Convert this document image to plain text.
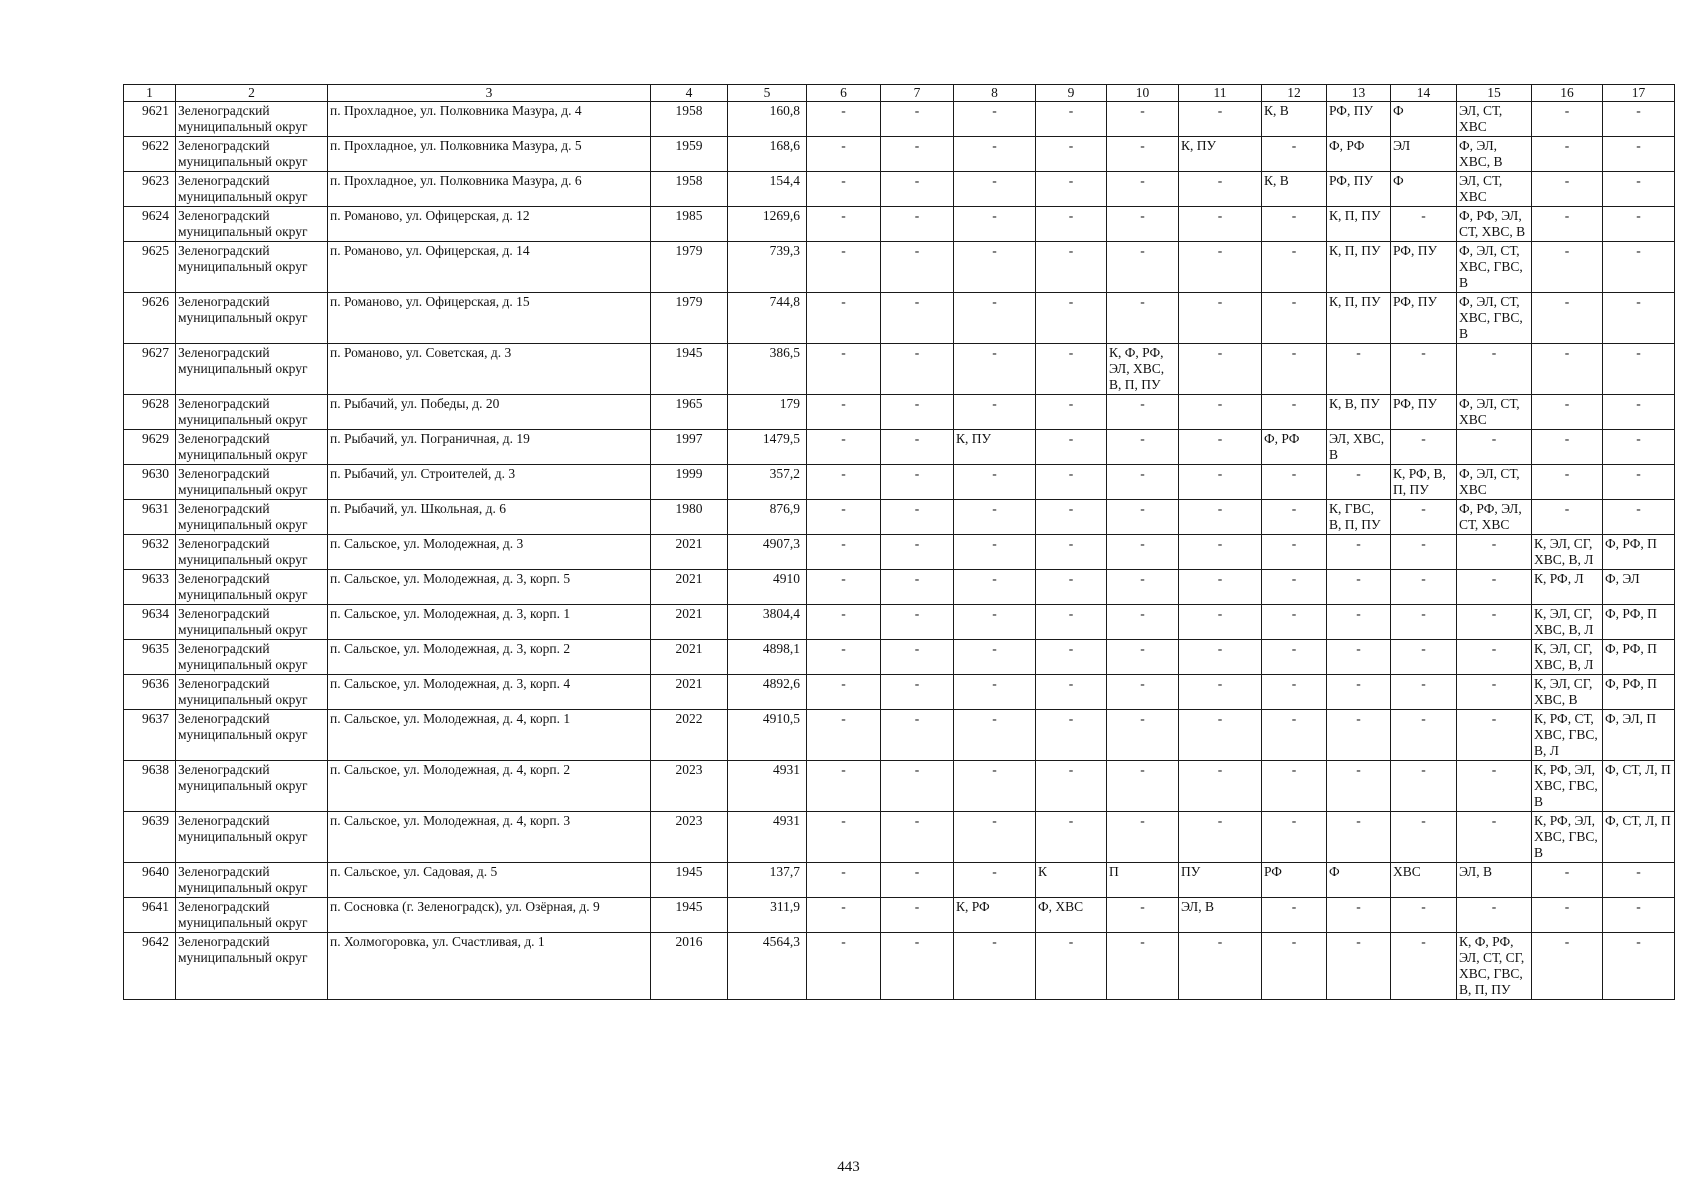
1	2	3	4	5	6	7	8	9	10	11	12	13	14	15	16	17
9621	Зеленоградский муниципальный округ	п. Прохладное, ул. Полковника Мазура, д. 4	1958	160,8	-	-	-	-	-	-	К, В	РФ, ПУ	Ф	ЭЛ, СТ, ХВС	-	-
9622	Зеленоградский муниципальный округ	п. Прохладное, ул. Полковника Мазура, д. 5	1959	168,6	-	-	-	-	-	К, ПУ	-	Ф, РФ	ЭЛ	Ф, ЭЛ, ХВС, В	-	-
9623	Зеленоградский муниципальный округ	п. Прохладное, ул. Полковника Мазура, д. 6	1958	154,4	-	-	-	-	-	-	К, В	РФ, ПУ	Ф	ЭЛ, СТ, ХВС	-	-
9624	Зеленоградский муниципальный округ	п. Романово, ул. Офицерская, д. 12	1985	1269,6	-	-	-	-	-	-	-	К, П, ПУ	-	Ф, РФ, ЭЛ, СТ, ХВС, В	-	-
9625	Зеленоградский муниципальный округ	п. Романово, ул. Офицерская, д. 14	1979	739,3	-	-	-	-	-	-	-	К, П, ПУ	РФ, ПУ	Ф, ЭЛ, СТ, ХВС, ГВС, В	-	-
9626	Зеленоградский муниципальный округ	п. Романово, ул. Офицерская, д. 15	1979	744,8	-	-	-	-	-	-	-	К, П, ПУ	РФ, ПУ	Ф, ЭЛ, СТ, ХВС, ГВС, В	-	-
9627	Зеленоградский муниципальный округ	п. Романово, ул. Советская, д. 3	1945	386,5	-	-	-	-	К, Ф, РФ, ЭЛ, ХВС, В, П, ПУ	-	-	-	-	-	-	-
9628	Зеленоградский муниципальный округ	п. Рыбачий, ул. Победы, д. 20	1965	179	-	-	-	-	-	-	-	К, В, ПУ	РФ, ПУ	Ф, ЭЛ, СТ, ХВС	-	-
9629	Зеленоградский муниципальный округ	п. Рыбачий, ул. Пограничная, д. 19	1997	1479,5	-	-	К, ПУ	-	-	-	Ф, РФ	ЭЛ, ХВС, В	-	-	-	-
9630	Зеленоградский муниципальный округ	п. Рыбачий, ул. Строителей, д. 3	1999	357,2	-	-	-	-	-	-	-	-	К, РФ, В, П, ПУ	Ф, ЭЛ, СТ, ХВС	-	-
9631	Зеленоградский муниципальный округ	п. Рыбачий, ул. Школьная, д. 6	1980	876,9	-	-	-	-	-	-	-	К, ГВС, В, П, ПУ	-	Ф, РФ, ЭЛ, СТ, ХВС	-	-
9632	Зеленоградский муниципальный округ	п. Сальское, ул. Молодежная, д. 3	2021	4907,3	-	-	-	-	-	-	-	-	-	-	К, ЭЛ, СГ, ХВС, В, Л	Ф, РФ, П
9633	Зеленоградский муниципальный округ	п. Сальское, ул. Молодежная, д. 3, корп. 5	2021	4910	-	-	-	-	-	-	-	-	-	-	К, РФ, Л	Ф, ЭЛ
9634	Зеленоградский муниципальный округ	п. Сальское, ул. Молодежная, д. 3, корп. 1	2021	3804,4	-	-	-	-	-	-	-	-	-	-	К, ЭЛ, СГ, ХВС, В, Л	Ф, РФ, П
9635	Зеленоградский муниципальный округ	п. Сальское, ул. Молодежная, д. 3, корп. 2	2021	4898,1	-	-	-	-	-	-	-	-	-	-	К, ЭЛ, СГ, ХВС, В, Л	Ф, РФ, П
9636	Зеленоградский муниципальный округ	п. Сальское, ул. Молодежная, д. 3, корп. 4	2021	4892,6	-	-	-	-	-	-	-	-	-	-	К, ЭЛ, СГ, ХВС, В	Ф, РФ, П
9637	Зеленоградский муниципальный округ	п. Сальское, ул. Молодежная, д. 4, корп. 1	2022	4910,5	-	-	-	-	-	-	-	-	-	-	К, РФ, СТ, ХВС, ГВС, В, Л	Ф, ЭЛ, П
9638	Зеленоградский муниципальный округ	п. Сальское, ул. Молодежная, д. 4, корп. 2	2023	4931	-	-	-	-	-	-	-	-	-	-	К, РФ, ЭЛ, ХВС, ГВС, В	Ф, СТ, Л, П
9639	Зеленоградский муниципальный округ	п. Сальское, ул. Молодежная, д. 4, корп. 3	2023	4931	-	-	-	-	-	-	-	-	-	-	К, РФ, ЭЛ, ХВС, ГВС, В	Ф, СТ, Л, П
9640	Зеленоградский муниципальный округ	п. Сальское, ул. Садовая, д. 5	1945	137,7	-	-	-	К	П	ПУ	РФ	Ф	ХВС	ЭЛ, В	-	-
9641	Зеленоградский муниципальный округ	п. Сосновка (г. Зеленоградск), ул. Озёрная, д. 9	1945	311,9	-	-	К, РФ	Ф, ХВС	-	ЭЛ, В	-	-	-	-	-	-
9642	Зеленоградский муниципальный округ	п. Холмогоровка, ул. Счастливая, д. 1	2016	4564,3	-	-	-	-	-	-	-	-	-	К, Ф, РФ, ЭЛ, СТ, СГ, ХВС, ГВС, В, П, ПУ	-	-
443
